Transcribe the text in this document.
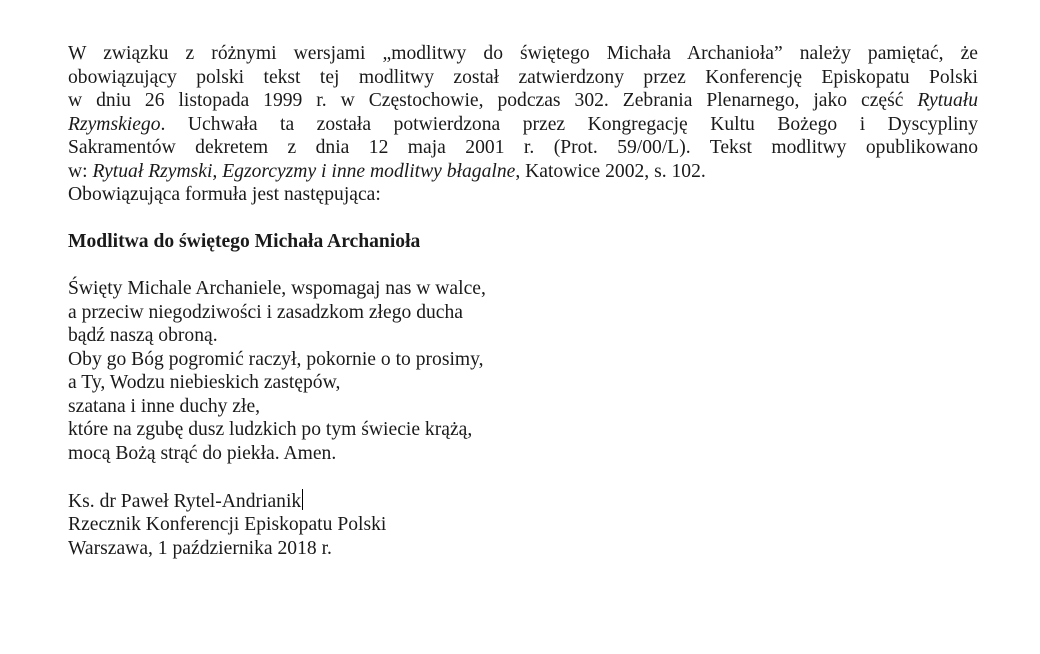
W związku z różnymi wersjami „modlitwy do świętego Michała Archanioła” należy pamiętać, że
obowiązujący polski tekst tej modlitwy został zatwierdzony przez Konferencję Episkopatu Polski
w dniu 26 listopada 1999 r. w Częstochowie, podczas 302. Zebrania Plenarnego, jako część Rytuału
Rzymskiego. Uchwała ta została potwierdzona przez Kongregację Kultu Bożego i Dyscypliny
Sakramentów dekretem z dnia 12 maja 2001 r. (Prot. 59/00/L). Tekst modlitwy opublikowano
w: Rytuał Rzymski, Egzorcyzmy i inne modlitwy błagalne, Katowice 2002, s. 102.
Obowiązująca formuła jest następująca:

Modlitwa do świętego Michała Archanioła

Święty Michale Archaniele, wspomagaj nas w walce,
a przeciw niegodziwości i zasadzkom złego ducha
bądź naszą obroną.
Oby go Bóg pogromić raczył, pokornie o to prosimy,
a Ty, Wodzu niebieskich zastępów,
szatana i inne duchy złe,
które na zgubę dusz ludzkich po tym świecie krążą,
mocą Bożą strąć do piekła. Amen.
Ks. dr Paweł Rytel-Andrianik
Rzecznik Konferencji Episkopatu Polski
Warszawa, 1 października 2018 r.
